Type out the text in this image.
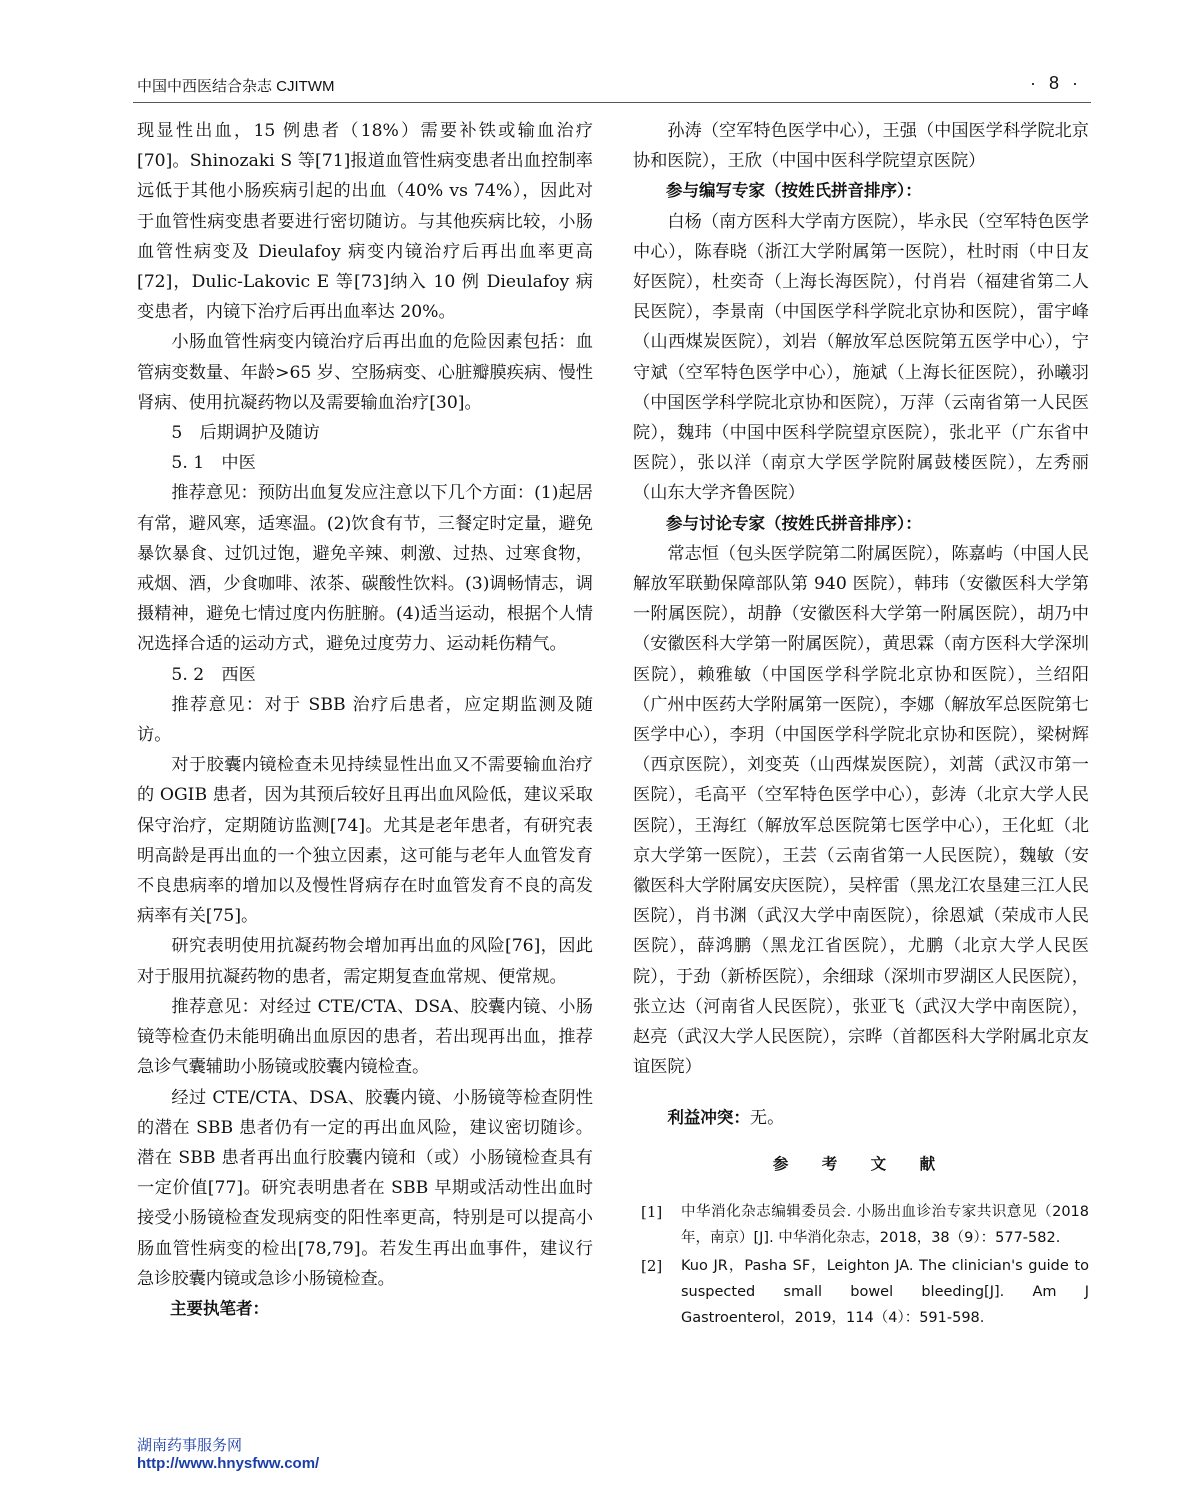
中国中西医结合杂志 CJITWM	· 8 ·

现显性出血，15 例患者（18%）需要补铁或输血治疗[70]。Shinozaki S 等[71]报道血管性病变患者出血控制率远低于其他小肠疾病引起的出血（40% vs 74%），因此对于血管性病变患者要进行密切随访。与其他疾病比较，小肠血管性病变及 Dieulafoy 病变内镜治疗后再出血率更高[72]，Dulic-Lakovic E 等[73]纳入 10 例 Dieulafoy 病变患者，内镜下治疗后再出血率达 20%。

小肠血管性病变内镜治疗后再出血的危险因素包括：血管病变数量、年龄>65 岁、空肠病变、心脏瓣膜疾病、慢性肾病、使用抗凝药物以及需要输血治疗[30]。

5　后期调护及随访

5. 1　中医

推荐意见：预防出血复发应注意以下几个方面：(1)起居有常，避风寒，适寒温。(2)饮食有节，三餐定时定量，避免暴饮暴食、过饥过饱，避免辛辣、刺激、过热、过寒食物，戒烟、酒，少食咖啡、浓茶、碳酸性饮料。(3)调畅情志，调摄精神，避免七情过度内伤脏腑。(4)适当运动，根据个人情况选择合适的运动方式，避免过度劳力、运动耗伤精气。

5. 2　西医

推荐意见：对于 SBB 治疗后患者，应定期监测及随访。

对于胶囊内镜检查未见持续显性出血又不需要输血治疗的 OGIB 患者，因为其预后较好且再出血风险低，建议采取保守治疗，定期随访监测[74]。尤其是老年患者，有研究表明高龄是再出血的一个独立因素，这可能与老年人血管发育不良患病率的增加以及慢性肾病存在时血管发育不良的高发病率有关[75]。

研究表明使用抗凝药物会增加再出血的风险[76]，因此对于服用抗凝药物的患者，需定期复查血常规、便常规。

推荐意见：对经过 CTE/CTA、DSA、胶囊内镜、小肠镜等检查仍未能明确出血原因的患者，若出现再出血，推荐急诊气囊辅助小肠镜或胶囊内镜检查。

经过 CTE/CTA、DSA、胶囊内镜、小肠镜等检查阴性的潜在 SBB 患者仍有一定的再出血风险，建议密切随诊。潜在 SBB 患者再出血行胶囊内镜和（或）小肠镜检查具有一定价值[77]。研究表明患者在 SBB 早期或活动性出血时接受小肠镜检查发现病变的阳性率更高，特别是可以提高小肠血管性病变的检出[78,79]。若发生再出血事件，建议行急诊胶囊内镜或急诊小肠镜检查。

主要执笔者：

孙涛（空军特色医学中心），王强（中国医学科学院北京协和医院），王欣（中国中医科学院望京医院）

参与编写专家（按姓氏拼音排序）：

白杨（南方医科大学南方医院），毕永民（空军特色医学中心），陈春晓（浙江大学附属第一医院），杜时雨（中日友好医院），杜奕奇（上海长海医院），付肖岩（福建省第二人民医院），李景南（中国医学科学院北京协和医院），雷宇峰（山西煤炭医院），刘岩（解放军总医院第五医学中心），宁守斌（空军特色医学中心），施斌（上海长征医院），孙曦羽（中国医学科学院北京协和医院），万萍（云南省第一人民医院），魏玮（中国中医科学院望京医院），张北平（广东省中医院），张以洋（南京大学医学院附属鼓楼医院），左秀丽（山东大学齐鲁医院）

参与讨论专家（按姓氏拼音排序）：

常志恒（包头医学院第二附属医院），陈嘉屿（中国人民解放军联勤保障部队第 940 医院），韩玮（安徽医科大学第一附属医院），胡静（安徽医科大学第一附属医院），胡乃中（安徽医科大学第一附属医院），黄思霖（南方医科大学深圳医院），赖雅敏（中国医学科学院北京协和医院），兰绍阳（广州中医药大学附属第一医院），李娜（解放军总医院第七医学中心），李玥（中国医学科学院北京协和医院），梁树辉（西京医院），刘变英（山西煤炭医院），刘蒿（武汉市第一医院），毛高平（空军特色医学中心），彭涛（北京大学人民医院），王海红（解放军总医院第七医学中心），王化虹（北京大学第一医院），王芸（云南省第一人民医院），魏敏（安徽医科大学附属安庆医院），吴梓雷（黑龙江农垦建三江人民医院），肖书渊（武汉大学中南医院），徐恩斌（荣成市人民医院），薛鸿鹏（黑龙江省医院），尤鹏（北京大学人民医院），于劲（新桥医院），余细球（深圳市罗湖区人民医院），张立达（河南省人民医院），张亚飞（武汉大学中南医院），赵亮（武汉大学人民医院），宗晔（首都医科大学附属北京友谊医院）

利益冲突：无。

参 考 文 献
[1]	中华消化杂志编辑委员会. 小肠出血诊治专家共识意见（2018 年，南京）[J]. 中华消化杂志，2018，38（9）：577-582.
[2]	Kuo JR，Pasha SF，Leighton JA. The clinician's guide to suspected small bowel bleeding[J]. Am J Gastroenterol，2019，114（4）：591-598.
湖南药事服务网
http://www.hnysfww.com/
